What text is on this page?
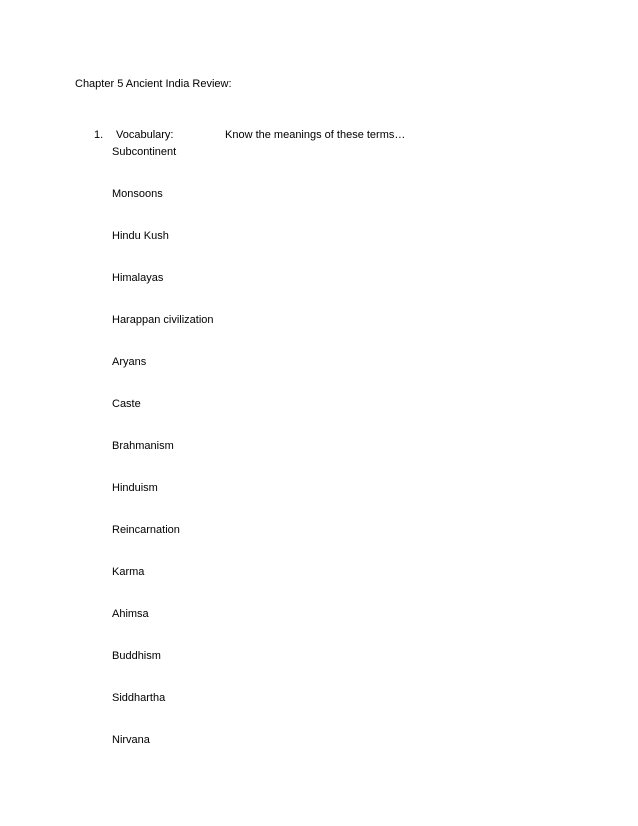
Chapter 5 Ancient India Review:
1. Vocabulary:	Know the meanings of these terms…
Subcontinent
Monsoons
Hindu Kush
Himalayas
Harappan civilization
Aryans
Caste
Brahmanism
Hinduism
Reincarnation
Karma
Ahimsa
Buddhism
Siddhartha
Nirvana
